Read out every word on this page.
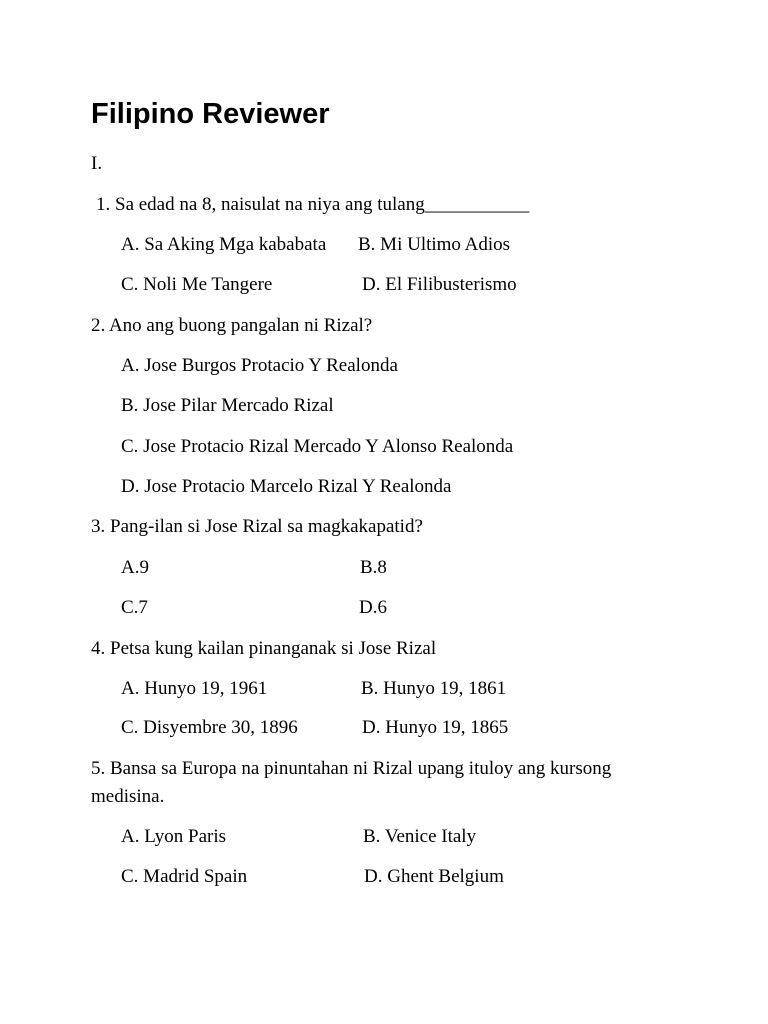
Filipino Reviewer
I.
1. Sa edad na 8, naisulat na niya ang tulang___________
A. Sa Aking Mga kababata B. Mi Ultimo Adios
C. Noli Me Tangere	D. El Filibusterismo
2. Ano ang buong pangalan ni Rizal?
A. Jose Burgos Protacio Y Realonda
B. Jose Pilar Mercado Rizal
C. Jose Protacio Rizal Mercado Y Alonso Realonda
D. Jose Protacio Marcelo Rizal Y Realonda
3. Pang-ilan si Jose Rizal sa magkakapatid?
A.9	B.8
C.7	D.6
4. Petsa kung kailan pinanganak si Jose Rizal
A. Hunyo 19, 1961	B. Hunyo 19, 1861
C. Disyembre 30, 1896	D. Hunyo 19, 1865
5. Bansa sa Europa na pinuntahan ni Rizal upang ituloy ang kursong medisina.
A. Lyon Paris	B. Venice Italy
C. Madrid Spain	D. Ghent Belgium
